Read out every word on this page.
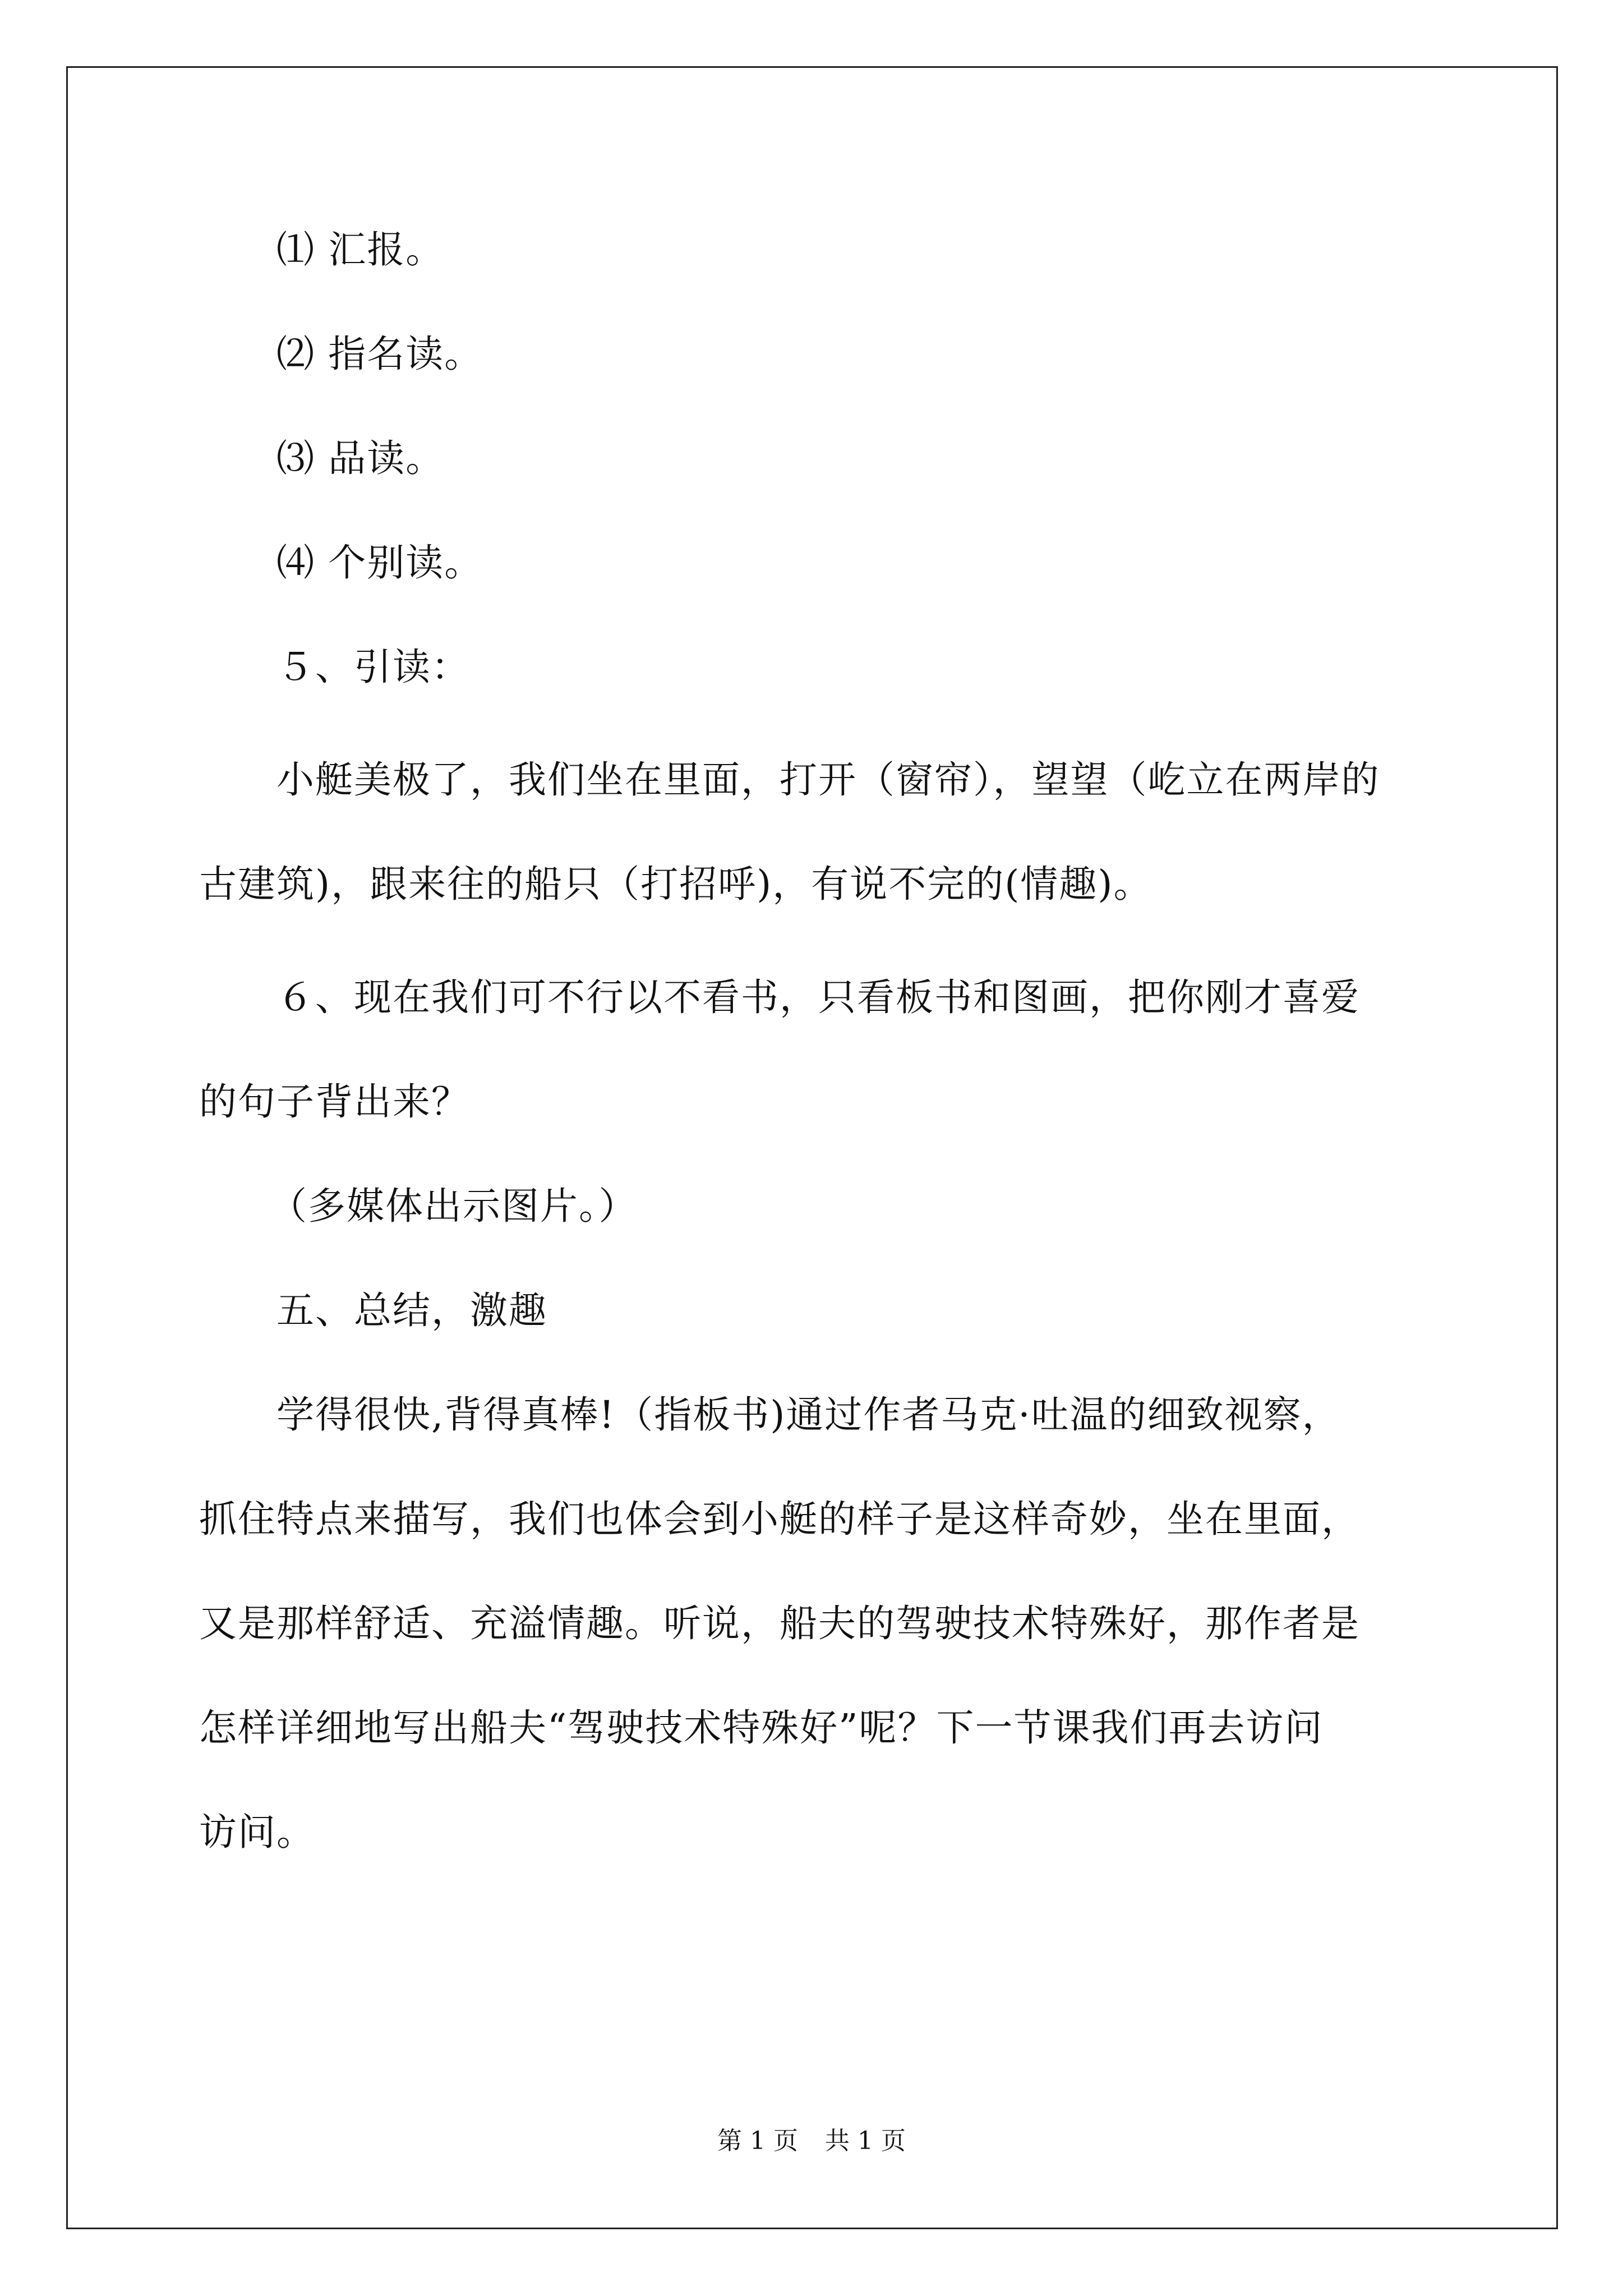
⑴ 汇报。
⑵ 指名读。
⑶ 品读。
⑷ 个别读。
５、引读：
小艇美极了，我们坐在里面，打开（窗帘），望望（屹立在两岸的
古建筑)，跟来往的船只（打招呼)，有说不完的(情趣)。
６、现在我们可不行以不看书，只看板书和图画，把你刚才喜爱
的句子背出来？
（多媒体出示图片。）
五、总结，激趣
学得很快,背得真棒!（指板书)通过作者马克·吐温的细致视察，
抓住特点来描写，我们也体会到小艇的样子是这样奇妙，坐在里面，
又是那样舒适、充溢情趣。听说，船夫的驾驶技术特殊好，那作者是
怎样详细地写出船夫“驾驶技术特殊好”呢？下一节课我们再去访问
访问。
第 1 页 共 1 页
